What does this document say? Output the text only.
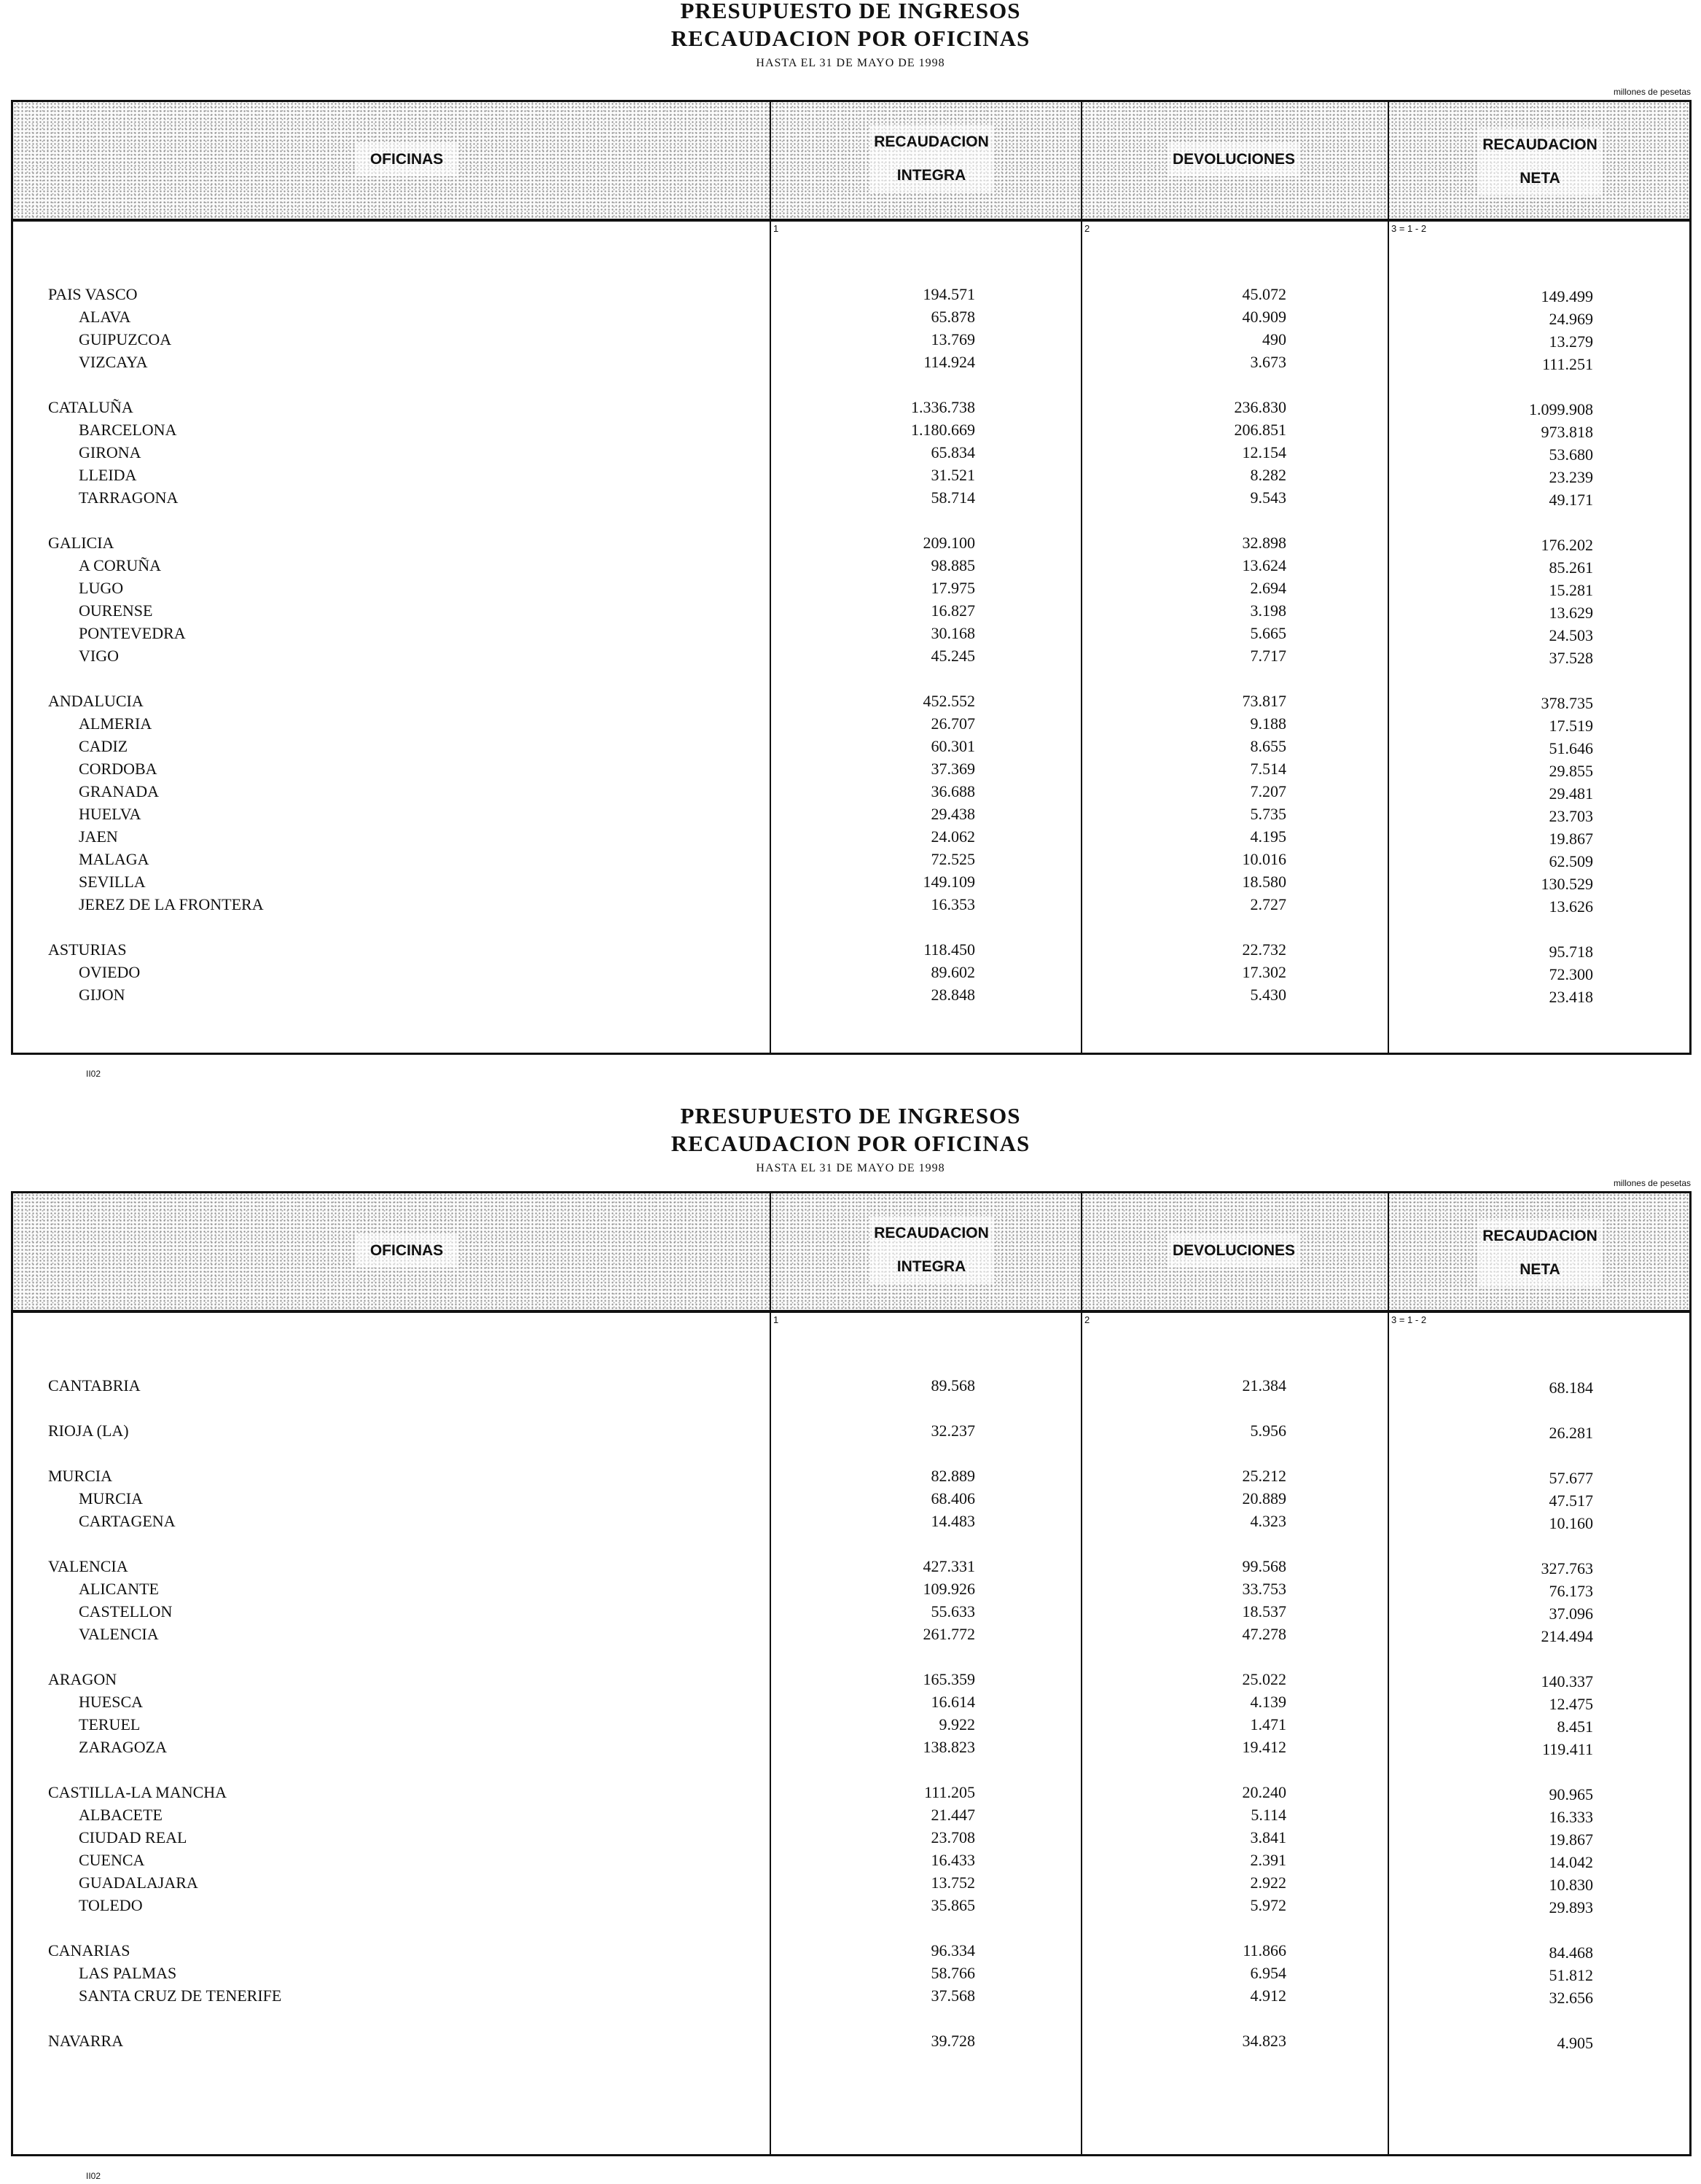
PRESUPUESTO DE INGRESOS
RECAUDACION POR OFICINAS
HASTA EL 31 DE MAYO DE 1998
millones de pesetas
OFICINAS
RECAUDACION
INTEGRA
DEVOLUCIONES
RECAUDACION
NETA
1	2	3 = 1 - 2
PAIS VASCO	194.571	45.072	149.499
ALAVA	65.878	40.909	24.969
GUIPUZCOA	13.769	490	13.279
VIZCAYA	114.924	3.673	111.251
CATALUÑA	1.336.738	236.830	1.099.908
BARCELONA	1.180.669	206.851	973.818
GIRONA	65.834	12.154	53.680
LLEIDA	31.521	8.282	23.239
TARRAGONA	58.714	9.543	49.171
GALICIA	209.100	32.898	176.202
A CORUÑA	98.885	13.624	85.261
LUGO	17.975	2.694	15.281
OURENSE	16.827	3.198	13.629
PONTEVEDRA	30.168	5.665	24.503
VIGO	45.245	7.717	37.528
ANDALUCIA	452.552	73.817	378.735
ALMERIA	26.707	9.188	17.519
CADIZ	60.301	8.655	51.646
CORDOBA	37.369	7.514	29.855
GRANADA	36.688	7.207	29.481
HUELVA	29.438	5.735	23.703
JAEN	24.062	4.195	19.867
MALAGA	72.525	10.016	62.509
SEVILLA	149.109	18.580	130.529
JEREZ DE LA FRONTERA	16.353	2.727	13.626
ASTURIAS	118.450	22.732	95.718
OVIEDO	89.602	17.302	72.300
GIJON	28.848	5.430	23.418
II02
PRESUPUESTO DE INGRESOS
RECAUDACION POR OFICINAS
HASTA EL 31 DE MAYO DE 1998
millones de pesetas
OFICINAS
RECAUDACION
INTEGRA
DEVOLUCIONES
RECAUDACION
NETA
1	2	3 = 1 - 2
CANTABRIA	89.568	21.384	68.184
RIOJA (LA)	32.237	5.956	26.281
MURCIA	82.889	25.212	57.677
MURCIA	68.406	20.889	47.517
CARTAGENA	14.483	4.323	10.160
VALENCIA	427.331	99.568	327.763
ALICANTE	109.926	33.753	76.173
CASTELLON	55.633	18.537	37.096
VALENCIA	261.772	47.278	214.494
ARAGON	165.359	25.022	140.337
HUESCA	16.614	4.139	12.475
TERUEL	9.922	1.471	8.451
ZARAGOZA	138.823	19.412	119.411
CASTILLA-LA MANCHA	111.205	20.240	90.965
ALBACETE	21.447	5.114	16.333
CIUDAD REAL	23.708	3.841	19.867
CUENCA	16.433	2.391	14.042
GUADALAJARA	13.752	2.922	10.830
TOLEDO	35.865	5.972	29.893
CANARIAS	96.334	11.866	84.468
LAS PALMAS	58.766	6.954	51.812
SANTA CRUZ DE TENERIFE	37.568	4.912	32.656
NAVARRA	39.728	34.823	4.905
II02
